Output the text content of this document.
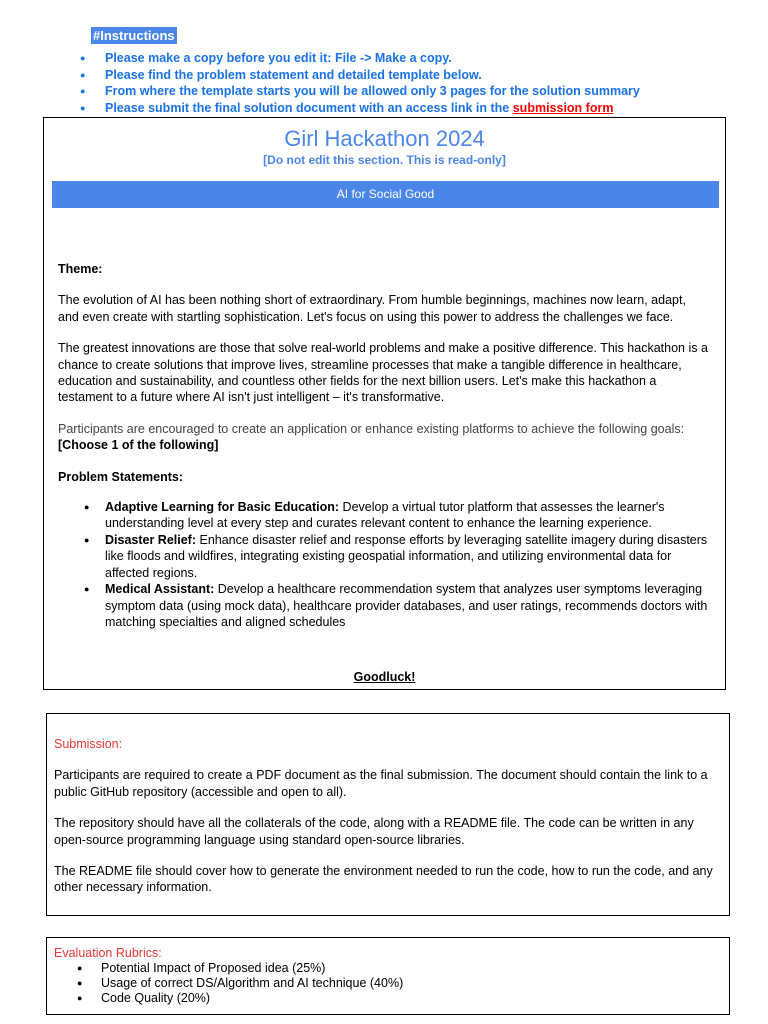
#Instructions
● Please make a copy before you edit it: File -> Make a copy.
● Please find the problem statement and detailed template below.
● From where the template starts you will be allowed only 3 pages for the solution summary
● Please submit the final solution document with an access link in the submission form
Girl Hackathon 2024
[Do not edit this section. This is read-only]
AI for Social Good

Theme:

The evolution of AI has been nothing short of extraordinary. From humble beginnings, machines now learn, adapt, and even create with startling sophistication. Let's focus on using this power to address the challenges we face.

The greatest innovations are those that solve real-world problems and make a positive difference. This hackathon is a chance to create solutions that improve lives, streamline processes that make a tangible difference in healthcare, education and sustainability, and countless other fields for the next billion users. Let's make this hackathon a testament to a future where AI isn't just intelligent – it's transformative.

Participants are encouraged to create an application or enhance existing platforms to achieve the following goals: [Choose 1 of the following]

Problem Statements:

● Adaptive Learning for Basic Education: Develop a virtual tutor platform that assesses the learner's understanding level at every step and curates relevant content to enhance the learning experience.
● Disaster Relief: Enhance disaster relief and response efforts by leveraging satellite imagery during disasters like floods and wildfires, integrating existing geospatial information, and utilizing environmental data for affected regions.
● Medical Assistant: Develop a healthcare recommendation system that analyzes user symptoms leveraging symptom data (using mock data), healthcare provider databases, and user ratings, recommends doctors with matching specialties and aligned schedules
Goodluck!

Submission:

Participants are required to create a PDF document as the final submission. The document should contain the link to a public GitHub repository (accessible and open to all).

The repository should have all the collaterals of the code, along with a README file. The code can be written in any open-source programming language using standard open-source libraries.

The README file should cover how to generate the environment needed to run the code, how to run the code, and any other necessary information.

Evaluation Rubrics:
● Potential Impact of Proposed idea (25%)
● Usage of correct DS/Algorithm and AI technique (40%)
● Code Quality (20%)
